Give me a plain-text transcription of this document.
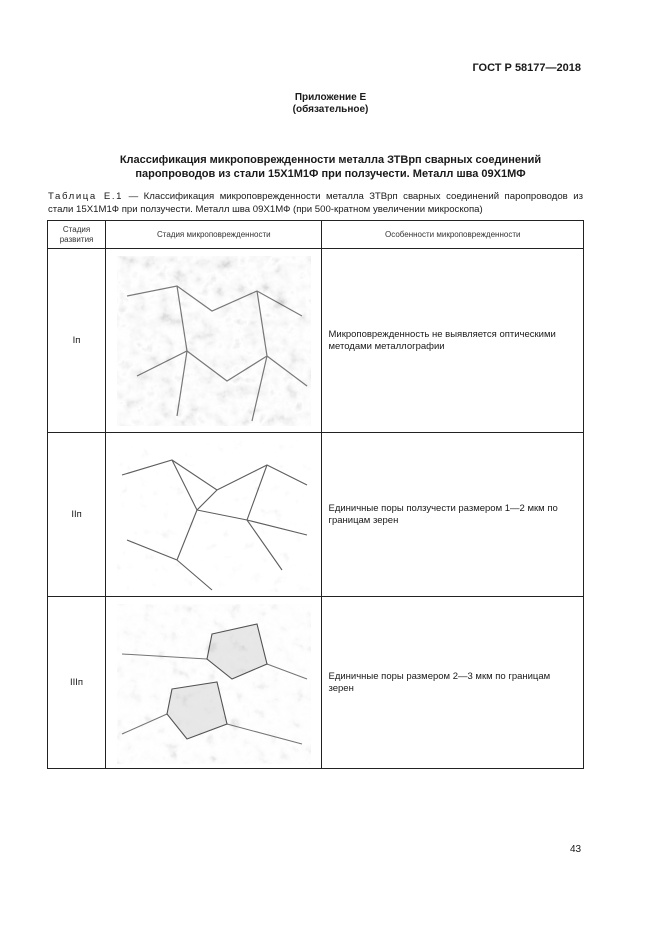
ГОСТ Р 58177—2018
Приложение Е
(обязательное)
Классификация микроповрежденности металла ЗТВрп сварных соединений
паропроводов из стали 15Х1М1Ф при ползучести. Металл шва 09Х1МФ
Таблица Е.1 — Классификация микроповрежденности металла ЗТВрп сварных соединений паропроводов из
стали 15Х1М1Ф при ползучести. Металл шва 09Х1МФ (при 500-кратном увеличении микроскопа)
Стадия развития	Стадия микроповрежденности	Особенности микроповрежденности
Iп		Микроповрежденность не выявляется оптическими методами металлографии
IIп		Единичные поры ползучести размером 1—2 мкм по границам зерен
IIIп		Единичные поры размером 2—3 мкм по границам зерен
43
